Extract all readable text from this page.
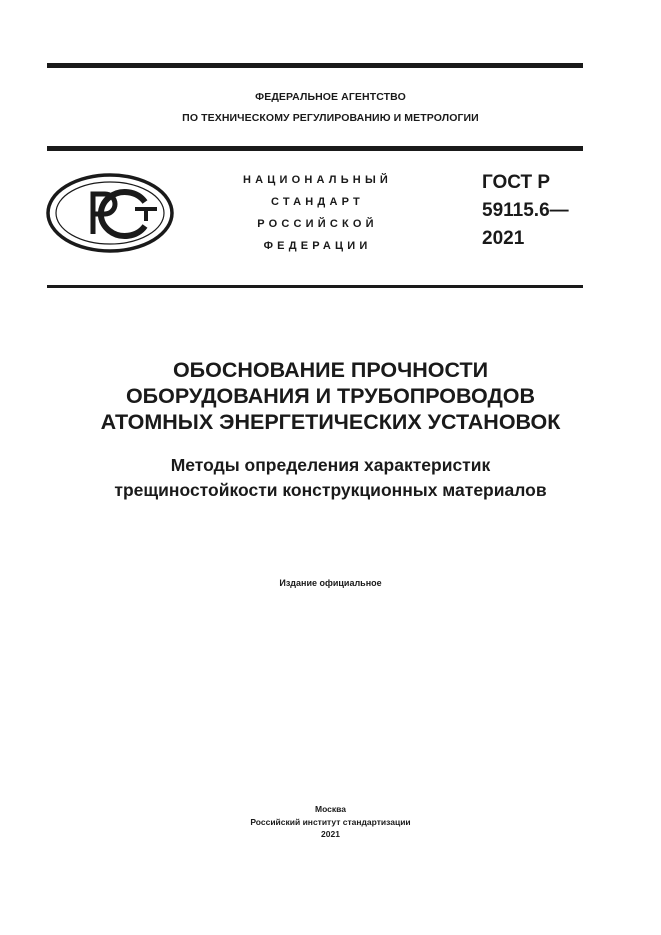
ФЕДЕРАЛЬНОЕ АГЕНТСТВО
ПО ТЕХНИЧЕСКОМУ РЕГУЛИРОВАНИЮ И МЕТРОЛОГИИ
НАЦИОНАЛЬНЫЙ
СТАНДАРТ
РОССИЙСКОЙ
ФЕДЕРАЦИИ
ГОСТ Р
59115.6—
2021
ОБОСНОВАНИЕ ПРОЧНОСТИ
ОБОРУДОВАНИЯ И ТРУБОПРОВОДОВ
АТОМНЫХ ЭНЕРГЕТИЧЕСКИХ УСТАНОВОК
Методы определения характеристик
трещиностойкости конструкционных материалов
Издание официальное
Москва
Российский институт стандартизации
2021
